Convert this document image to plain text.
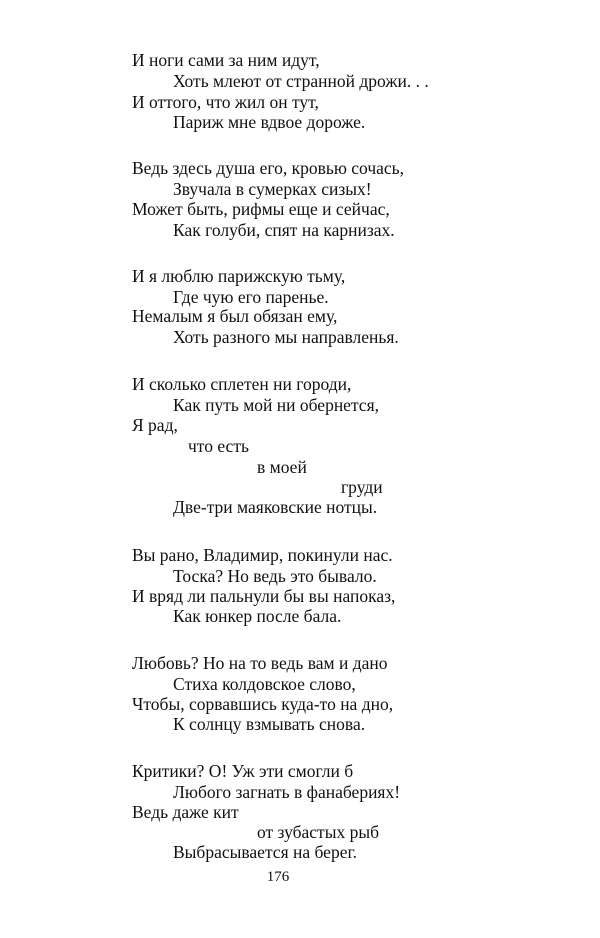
И ноги сами за ним идут,
Хоть млеют от странной дрожи. . .
И оттого, что жил он тут,
Париж мне вдвое дороже.
Ведь здесь душа его, кровью сочась,
Звучала в сумерках сизых!
Может быть, рифмы еще и сейчас,
Как голуби, спят на карнизах.
И я люблю парижскую тьму,
Где чую его паренье.
Немалым я был обязан ему,
Хоть разного мы направленья.
И сколько сплетен ни городи,
Как путь мой ни обернется,
Я рад,
что есть
в моей
груди
Две-три маяковские нотцы.
Вы рано, Владимир, покинули нас.
Тоска? Но ведь это бывало.
И вряд ли пальнули бы вы напоказ,
Как юнкер после бала.
Любовь? Но на то ведь вам и дано
Стиха колдовское слово,
Чтобы, сорвавшись куда-то на дно,
К солнцу взмывать снова.
Критики? О! Уж эти смогли б
Любого загнать в фанабериях!
Ведь даже кит
от зубастых рыб
Выбрасывается на берег.
176
